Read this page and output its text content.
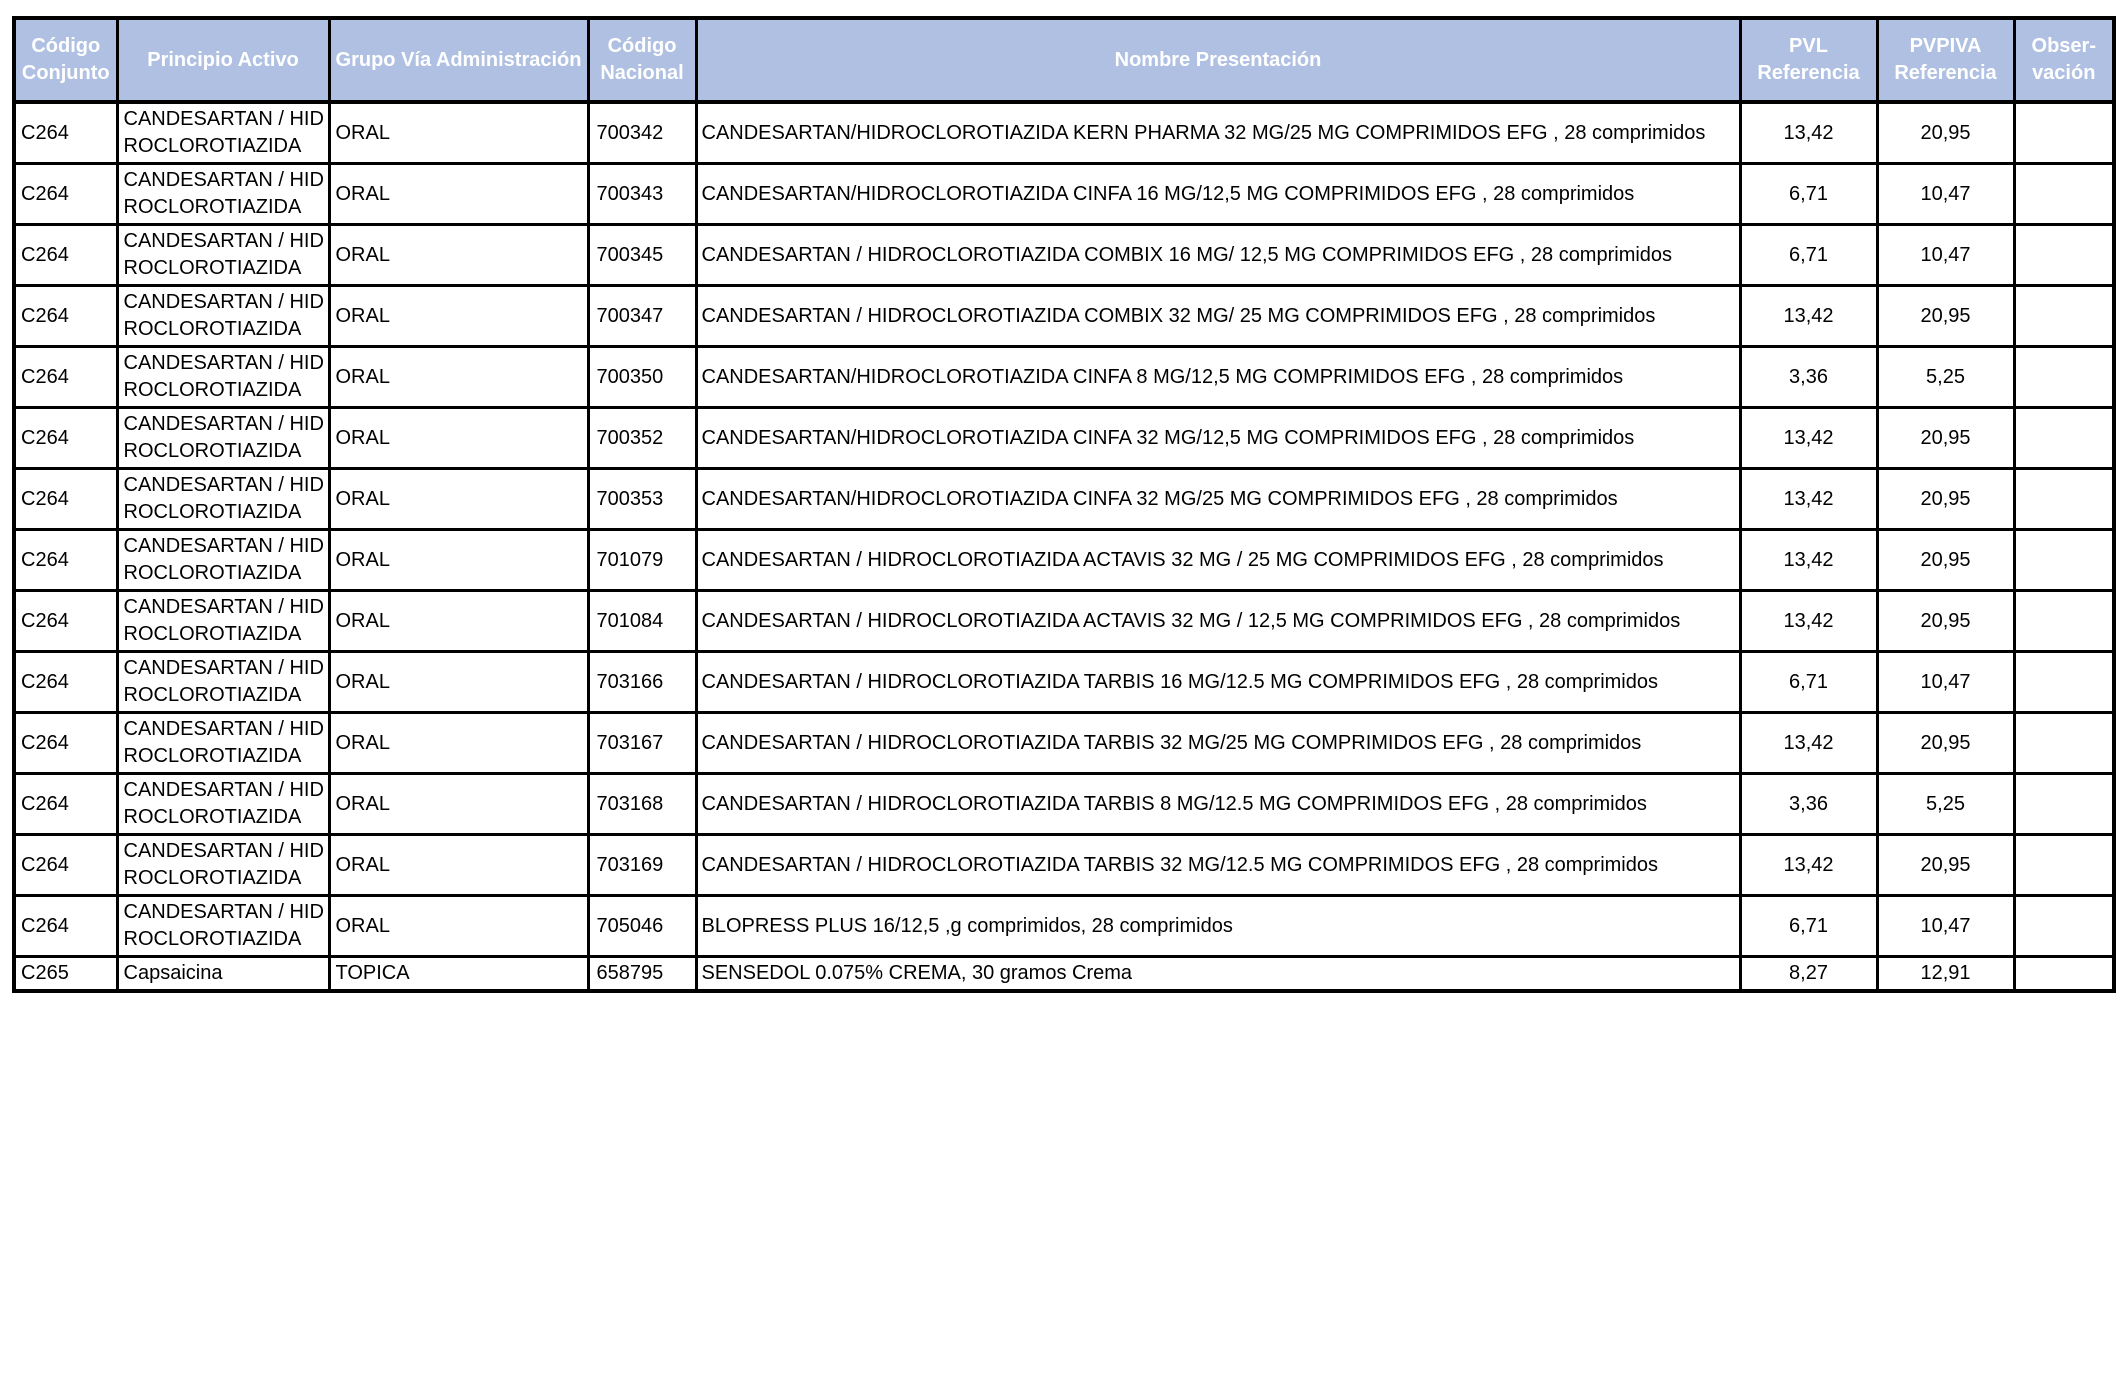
Código Conjunto	Principio Activo	Grupo Vía Administración	Código Nacional	Nombre Presentación	PVL Referencia	PVPIVA Referencia	Obser-vación
C264	CANDESARTAN / HIDROCLOROTIAZIDA	ORAL	700342	CANDESARTAN/HIDROCLOROTIAZIDA KERN PHARMA 32 MG/25 MG COMPRIMIDOS EFG , 28 comprimidos	13,42	20,95	
C264	CANDESARTAN / HIDROCLOROTIAZIDA	ORAL	700343	CANDESARTAN/HIDROCLOROTIAZIDA CINFA 16 MG/12,5 MG COMPRIMIDOS EFG , 28 comprimidos	6,71	10,47	
C264	CANDESARTAN / HIDROCLOROTIAZIDA	ORAL	700345	CANDESARTAN / HIDROCLOROTIAZIDA COMBIX 16 MG/ 12,5 MG COMPRIMIDOS EFG , 28 comprimidos	6,71	10,47	
C264	CANDESARTAN / HIDROCLOROTIAZIDA	ORAL	700347	CANDESARTAN / HIDROCLOROTIAZIDA COMBIX 32 MG/ 25 MG COMPRIMIDOS EFG , 28 comprimidos	13,42	20,95	
C264	CANDESARTAN / HIDROCLOROTIAZIDA	ORAL	700350	CANDESARTAN/HIDROCLOROTIAZIDA CINFA 8 MG/12,5 MG COMPRIMIDOS EFG , 28 comprimidos	3,36	5,25	
C264	CANDESARTAN / HIDROCLOROTIAZIDA	ORAL	700352	CANDESARTAN/HIDROCLOROTIAZIDA CINFA 32 MG/12,5 MG COMPRIMIDOS EFG , 28 comprimidos	13,42	20,95	
C264	CANDESARTAN / HIDROCLOROTIAZIDA	ORAL	700353	CANDESARTAN/HIDROCLOROTIAZIDA CINFA 32 MG/25 MG COMPRIMIDOS EFG , 28 comprimidos	13,42	20,95	
C264	CANDESARTAN / HIDROCLOROTIAZIDA	ORAL	701079	CANDESARTAN / HIDROCLOROTIAZIDA ACTAVIS 32 MG / 25 MG COMPRIMIDOS EFG , 28 comprimidos	13,42	20,95	
C264	CANDESARTAN / HIDROCLOROTIAZIDA	ORAL	701084	CANDESARTAN / HIDROCLOROTIAZIDA ACTAVIS 32 MG / 12,5 MG COMPRIMIDOS EFG , 28 comprimidos	13,42	20,95	
C264	CANDESARTAN / HIDROCLOROTIAZIDA	ORAL	703166	CANDESARTAN / HIDROCLOROTIAZIDA TARBIS 16 MG/12.5 MG COMPRIMIDOS EFG , 28 comprimidos	6,71	10,47	
C264	CANDESARTAN / HIDROCLOROTIAZIDA	ORAL	703167	CANDESARTAN / HIDROCLOROTIAZIDA TARBIS 32 MG/25 MG COMPRIMIDOS EFG , 28 comprimidos	13,42	20,95	
C264	CANDESARTAN / HIDROCLOROTIAZIDA	ORAL	703168	CANDESARTAN / HIDROCLOROTIAZIDA TARBIS 8 MG/12.5 MG COMPRIMIDOS EFG , 28 comprimidos	3,36	5,25	
C264	CANDESARTAN / HIDROCLOROTIAZIDA	ORAL	703169	CANDESARTAN / HIDROCLOROTIAZIDA TARBIS 32 MG/12.5 MG COMPRIMIDOS EFG , 28 comprimidos	13,42	20,95	
C264	CANDESARTAN / HIDROCLOROTIAZIDA	ORAL	705046	BLOPRESS PLUS 16/12,5 ,g comprimidos, 28 comprimidos	6,71	10,47	
C265	Capsaicina	TOPICA	658795	SENSEDOL 0.075% CREMA, 30 gramos Crema	8,27	12,91	
